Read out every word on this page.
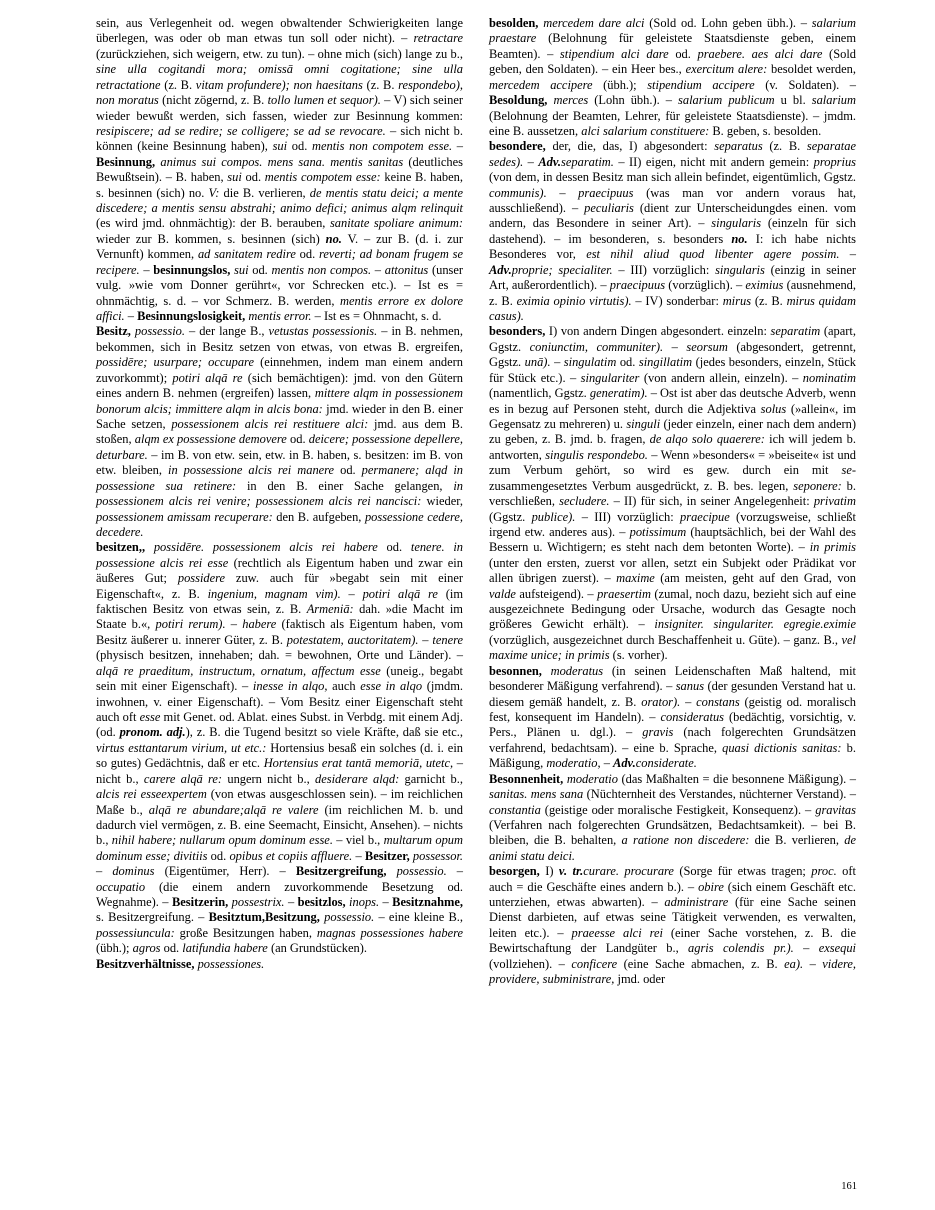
sein, aus Verlegenheit od. wegen obwaltender Schwierigkeiten lange überlegen, was oder ob man etwas tun soll oder nicht). – retractare (zurückziehen, sich weigern, etw. zu tun). – ohne mich (sich) lange zu b., sine ulla cogitandi mora; omissā omni cogitatione; sine ulla retractatione (z. B. vitam profundere); non haesitans (z. B. respondebo), non moratus (nicht zögernd, z. B. tollo lumen et sequor). – V) sich seiner wieder bewußt werden, sich fassen, wieder zur Besinnung kommen: resipiscere; ad se redire; se colligere; se ad se revocare. – sich nicht b. können (keine Besinnung haben), sui od. mentis non compotem esse. – Besinnung, animus sui compos. mens sana. mentis sanitas (deutliches Bewußtsein). – B. haben, sui od. mentis compotem esse: keine B. haben, s. besinnen (sich) no. V: die B. verlieren, de mentis statu deici; a mente discedere; a mentis sensu abstrahi; animo defici; animus alqm relinquit (es wird jmd. ohnmächtig): der B. berauben, sanitate spoliare animum: wieder zur B. kommen, s. besinnen (sich) no. V. – zur B. (d. i. zur Vernunft) kommen, ad sanitatem redire od. reverti; ad bonam frugem se recipere. – besinnungslos, sui od. mentis non compos. – attonitus (unser vulg. »wie vom Donner gerührt«, vor Schrecken etc.). – Ist es = ohnmächtig, s. d. – vor Schmerz. B. werden, mentis errore ex dolore affici. – Besinnungslosigkeit, mentis error. – Ist es = Ohnmacht, s. d.

Besitz, possessio. – der lange B., vetustas possessionis. – in B. nehmen, bekommen, sich in Besitz setzen von etwas, von etwas B. ergreifen, possidēre; usurpare; occupare (einnehmen, indem man einem andern zuvorkommt); potiri alqā re (sich bemächtigen): jmd. von den Gütern eines andern B. nehmen (ergreifen) lassen, mittere alqm in possessionem bonorum alcis; immittere alqm in alcis bona: jmd. wieder in den B. einer Sache setzen, possessionem alcis rei restituere alci: jmd. aus dem B. stoßen, alqm ex possessione demovere od. deicere; possessione depellere, deturbare. – im B. von etw. sein, etw. in B. haben, s. besitzen: im B. von etw. bleiben, in possessione alcis rei manere od. permanere; alqd in possessione sua retinere: in den B. einer Sache gelangen, in possessionem alcis rei venire; possessionem alcis rei nancisci: wieder, possessionem amissam recuperare: den B. aufgeben, possessione cedere, decedere.

besitzen,, possidēre. possessionem alcis rei habere od. tenere. in possessione alcis rei esse (rechtlich als Eigentum haben und zwar ein äußeres Gut; possidere zuw. auch für »begabt sein mit einer Eigenschaft«, z. B. ingenium, magnam vim). – potiri alqā re (im faktischen Besitz von etwas sein, z. B. Armeniā: dah. »die Macht im Staate b.«, potiri rerum). – habere (faktisch als Eigentum haben, vom Besitz äußerer u. innerer Güter, z. B. potestatem, auctoritatem). – tenere (physisch besitzen, innehaben; dah. = bewohnen, Orte und Länder). – alqā re praeditum, instructum, ornatum, affectum esse (uneig., begabt sein mit einer Eigenschaft). – inesse in alqo, auch esse in alqo (jmdm. inwohnen, v. einer Eigenschaft). – Vom Besitz einer Eigenschaft steht auch oft esse mit Genet. od. Ablat. eines Subst. in Verbdg. mit einem Adj. (od. pronom. adj.), z. B. die Tugend besitzt so viele Kräfte, daß sie etc., virtus esttantarum virium, ut etc.: Hortensius besaß ein solches (d. i. ein so gutes) Gedächtnis, daß er etc. Hortensius erat tantā memoriā, utetc, – nicht b., carere alqā re: ungern nicht b., desiderare alqd: garnicht b., alcis rei esseexpertem (von etwas ausgeschlossen sein). – im reichlichen Maße b., alqā re abundare;alqā re valere (im reichlichen M. b. und dadurch viel vermögen, z. B. eine Seemacht, Einsicht, Ansehen). – nichts b., nihil habere; nullarum opum dominum esse. – viel b., multarum opum dominum esse; divitiis od. opibus et copiis affluere. – Besitzer, possessor. – dominus (Eigentümer, Herr). – Besitzergreifung, possessio. – occupatio (die einem andern zuvorkommende Besetzung od. Wegnahme). – Besitzerin, possestrix. – besitzlos, inops. – Besitznahme, s. Besitzergreifung. – Besitztum,Besitzung, possessio. – eine kleine B., possessiuncula: große Besitzungen haben, magnas possessiones habere (übh.); agros od. latifundia habere (an Grundstücken).

Besitzverhältnisse, possessiones.

besolden, mercedem dare alci (Sold od. Lohn geben übh.). – salarium praestare (Belohnung für geleistete Staatsdienste geben, einem Beamten). – stipendium alci dare od. praebere. aes alci dare (Sold geben, den Soldaten). – ein Heer bes., exercitum alere: besoldet werden, mercedem accipere (übh.); stipendium accipere (v. Soldaten). – Besoldung, merces (Lohn übh.). – salarium publicum u bl. salarium (Belohnung der Beamten, Lehrer, für geleistete Staatsdienste). – jmdm. eine B. aussetzen, alci salarium constituere: B. geben, s. besolden.

besondere, der, die, das, I) abgesondert: separatus (z. B. separatae sedes). – Adv.separatim. – II) eigen, nicht mit andern gemein: proprius (von dem, in dessen Besitz man sich allein befindet, eigentümlich, Ggstz. communis). – praecipuus (was man vor andern voraus hat, ausschließend). – peculiaris (dient zur Unterscheidungdes einen. vom andern, das Besondere in seiner Art). – singularis (einzeln für sich dastehend). – im besonderen, s. besonders no. I: ich habe nichts Besonderes vor, est nihil aliud quod libenter agere possim. – Adv.proprie; specialiter. – III) vorzüglich: singularis (einzig in seiner Art, außerordentlich). – praecipuus (vorzüglich). – eximius (ausnehmend, z. B. eximia opinio virtutis). – IV) sonderbar: mirus (z. B. mirus quidam casus).

besonders, I) von andern Dingen abgesondert. einzeln: separatim (apart, Ggstz. coniunctim, communiter). – seorsum (abgesondert, getrennt, Ggstz. unā). – singulatim od. singillatim (jedes besonders, einzeln, Stück für Stück etc.). – singulariter (von andern allein, einzeln). – nominatim (namentlich, Ggstz. generatim). – Ost ist aber das deutsche Adverb, wenn es in bezug auf Personen steht, durch die Adjektiva solus (»allein«, im Gegensatz zu mehreren) u. singuli (jeder einzeln, einer nach dem andern) zu geben, z. B. jmd. b. fragen, de alqo solo quaerere: ich will jedem b. antworten, singulis respondebo. – Wenn »besonders« = »beiseite« ist und zum Verbum gehört, so wird es gew. durch ein mit se- zusammengesetztes Verbum ausgedrückt, z. B. bes. legen, seponere: b. verschließen, secludere. – II) für sich, in seiner Angelegenheit: privatim (Ggstz. publice). – III) vorzüglich: praecipue (vorzugsweise, schließt irgend etw. anderes aus). – potissimum (hauptsächlich, bei der Wahl des Bessern u. Wichtigern; es steht nach dem betonten Worte). – in primis (unter den ersten, zuerst vor allen, setzt ein Subjekt oder Prädikat vor allen übrigen zuerst). – maxime (am meisten, geht auf den Grad, von valde aufsteigend). – praesertim (zumal, noch dazu, bezieht sich auf eine ausgezeichnete Bedingung oder Ursache, wodurch das Gesagte noch größeres Gewicht erhält). – insigniter. singulariter. egregie.eximie (vorzüglich, ausgezeichnet durch Beschaffenheit u. Güte). – ganz. B., vel maxime unice; in primis (s. vorher).

besonnen, moderatus (in seinen Leidenschaften Maß haltend, mit besonderer Mäßigung verfahrend). – sanus (der gesunden Verstand hat u. diesem gemäß handelt, z. B. orator). – constans (geistig od. moralisch fest, konsequent im Handeln). – consideratus (bedächtig, vorsichtig, v. Pers., Plänen u. dgl.). – gravis (nach folgerechten Grundsätzen verfahrend, bedachtsam). – eine b. Sprache, quasi dictionis sanitas: b. Mäßigung, moderatio, – Adv.considerate.

Besonnenheit, moderatio (das Maßhalten = die besonnene Mäßigung). – sanitas. mens sana (Nüchternheit des Verstandes, nüchterner Verstand). – constantia (geistige oder moralische Festigkeit, Konsequenz). – gravitas (Verfahren nach folgerechten Grundsätzen, Bedachtsamkeit). – bei B. bleiben, die B. behalten, a ratione non discedere: die B. verlieren, de animi statu deici.

besorgen, I) v. tr.curare. procurare (Sorge für etwas tragen; proc. oft auch = die Geschäfte eines andern b.). – obire (sich einem Geschäft etc. unterziehen, etwas abwarten). – administrare (für eine Sache seinen Dienst darbieten, auf etwas seine Tätigkeit verwenden, es verwalten, leiten etc.). – praeesse alci rei (einer Sache vorstehen, z. B. die Bewirtschaftung der Landgüter b., agris colendis pr.). – exsequi (vollziehen). – conficere (eine Sache abmachen, z. B. ea). – videre, providere, subministrare, jmd. oder

161
